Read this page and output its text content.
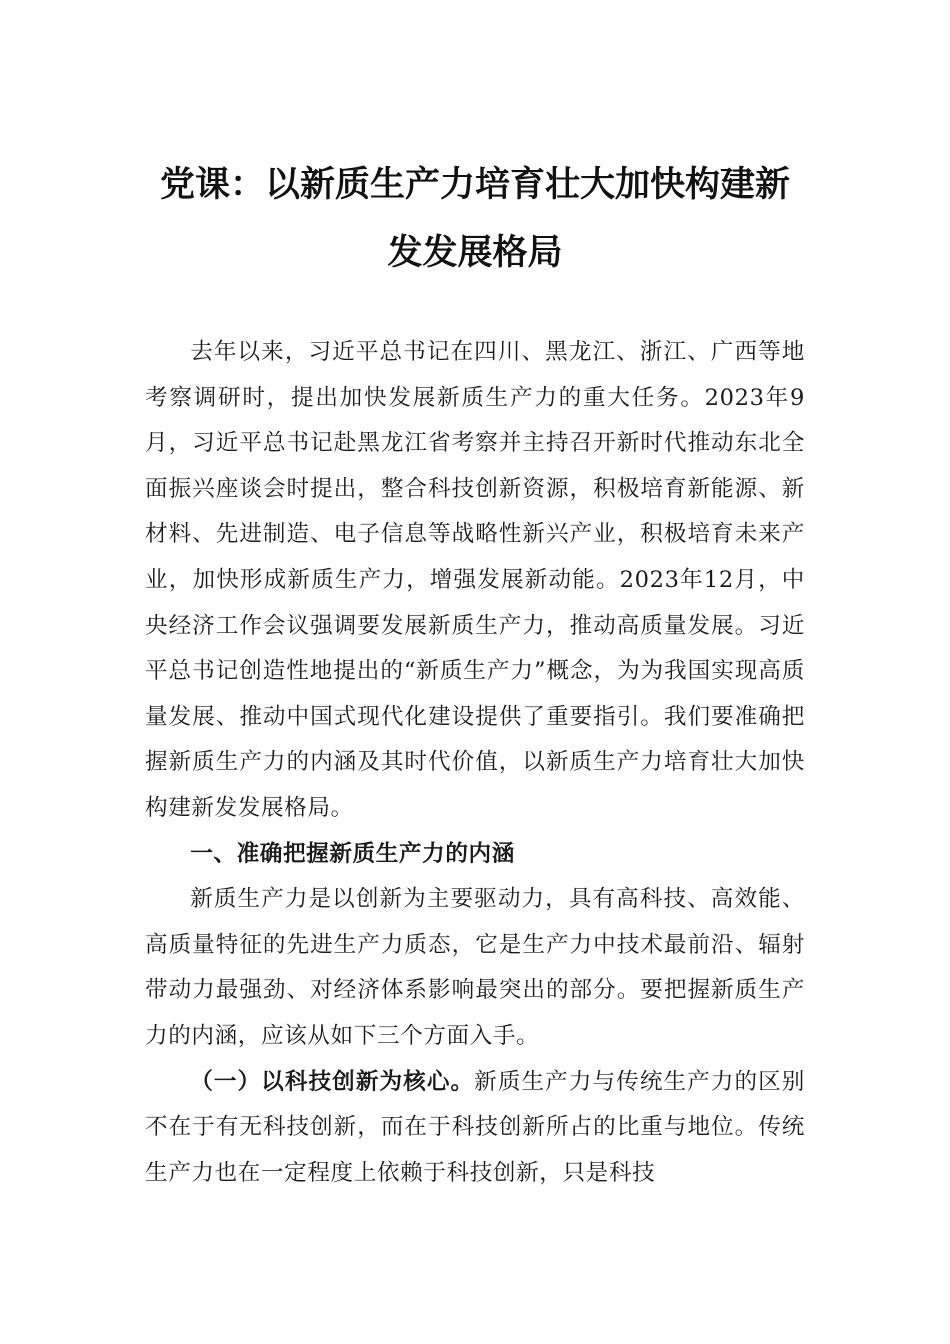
党课：以新质生产力培育壮大加快构建新
发发展格局

去年以来，习近平总书记在四川、黑龙江、浙江、广西等地考察调研时，提出加快发展新质生产力的重大任务。2023年9月，习近平总书记赴黑龙江省考察并主持召开新时代推动东北全面振兴座谈会时提出，整合科技创新资源，积极培育新能源、新材料、先进制造、电子信息等战略性新兴产业，积极培育未来产业，加快形成新质生产力，增强发展新动能。2023年12月，中央经济工作会议强调要发展新质生产力，推动高质量发展。习近平总书记创造性地提出的“新质生产力”概念，为为我国实现高质量发展、推动中国式现代化建设提供了重要指引。我们要准确把握新质生产力的内涵及其时代价值，以新质生产力培育壮大加快构建新发发展格局。

一、准确把握新质生产力的内涵

新质生产力是以创新为主要驱动力，具有高科技、高效能、高质量特征的先进生产力质态，它是生产力中技术最前沿、辐射带动力最强劲、对经济体系影响最突出的部分。要把握新质生产力的内涵，应该从如下三个方面入手。

（一）以科技创新为核心。新质生产力与传统生产力的区别不在于有无科技创新，而在于科技创新所占的比重与地位。传统生产力也在一定程度上依赖于科技创新，只是科技
